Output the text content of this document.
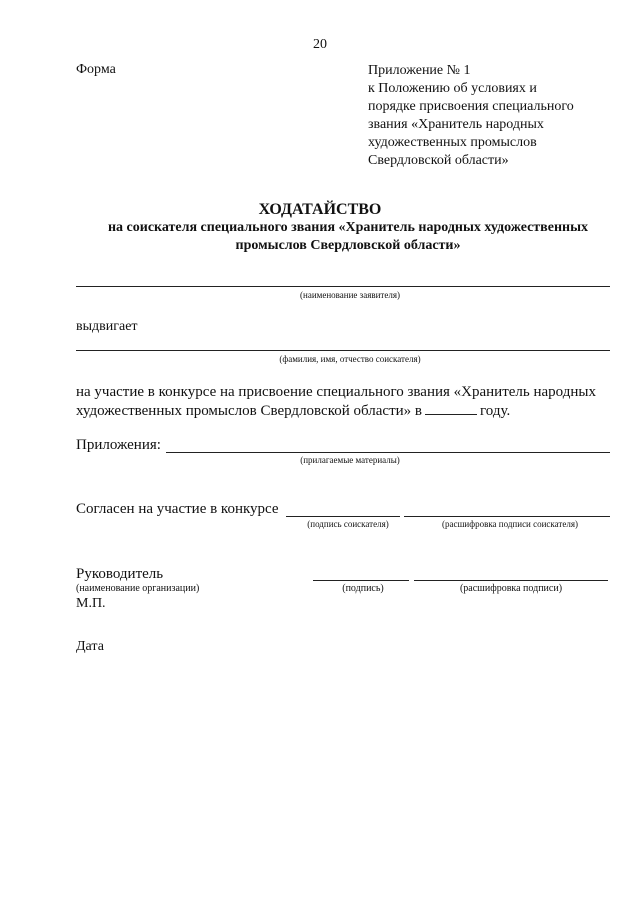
20
Форма	Приложение № 1
к Положению об условиях и
порядке присвоения специального
звания «Хранитель народных
художественных промыслов
Свердловской области»
ХОДАТАЙСТВО
на соискателя специального звания «Хранитель народных художественных
промыслов Свердловской области»
(наименование заявителя)
выдвигает
(фамилия, имя, отчество соискателя)
на участие в конкурсе на присвоение специального звания «Хранитель народных
художественных промыслов Свердловской области» в	году.
Приложения:
(прилагаемые материалы)
Согласен на участие в конкурсе
(подпись соискателя)	(расшифровка подписи соискателя)
Руководитель
(наименование организации)
М.П.
(подпись)	(расшифровка подписи)
Дата
